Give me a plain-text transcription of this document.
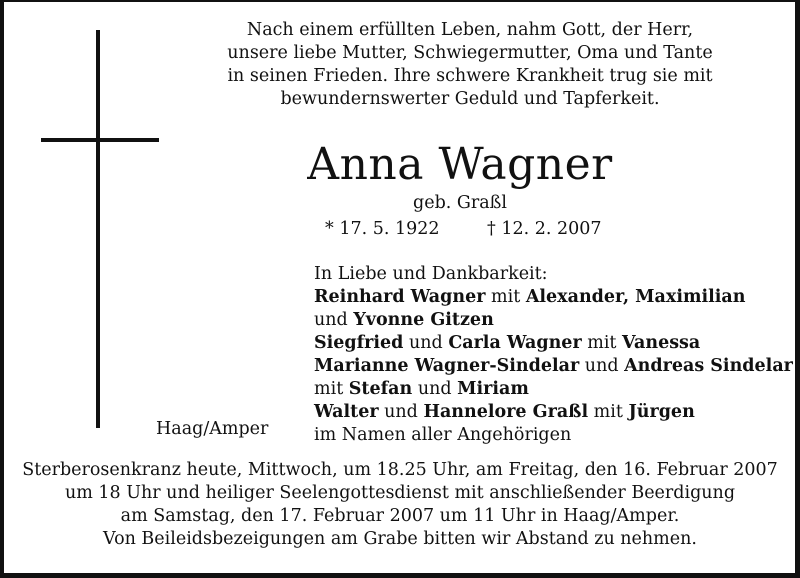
Nach einem erfüllten Leben, nahm Gott, der Herr,
unsere liebe Mutter, Schwiegermutter, Oma und Tante
in seinen Frieden. Ihre schwere Krankheit trug sie mit
bewundernswerter Geduld und Tapferkeit.
Anna Wagner
geb. Graßl
* 17. 5. 1922	† 12. 2. 2007
In Liebe und Dankbarkeit:
Reinhard Wagner mit Alexander, Maximilian
und Yvonne Gitzen
Siegfried und Carla Wagner mit Vanessa
Marianne Wagner-Sindelar und Andreas Sindelar
mit Stefan und Miriam
Walter und Hannelore Graßl mit Jürgen
im Namen aller Angehörigen
Haag/Amper
Sterberosenkranz heute, Mittwoch, um 18.25 Uhr, am Freitag, den 16. Februar 2007
um 18 Uhr und heiliger Seelengottesdienst mit anschließender Beerdigung
am Samstag, den 17. Februar 2007 um 11 Uhr in Haag/Amper.
Von Beileidsbezeigungen am Grabe bitten wir Abstand zu nehmen.
